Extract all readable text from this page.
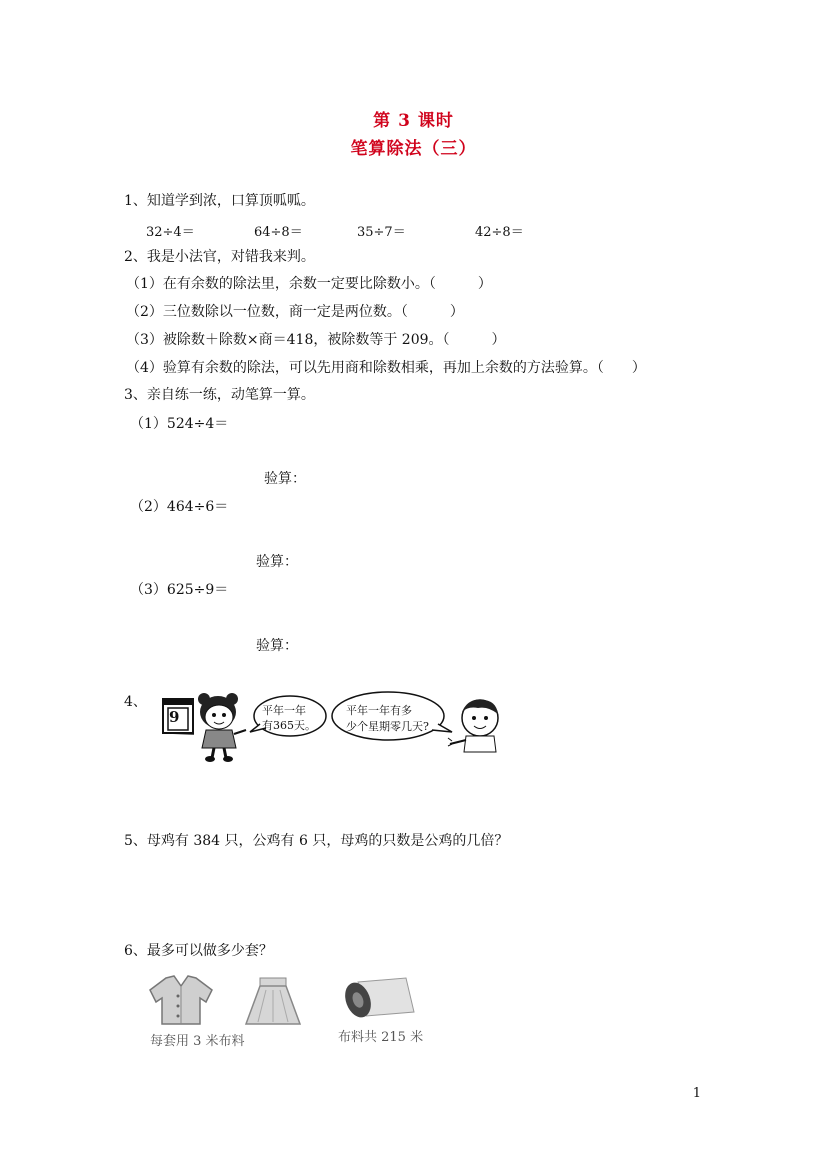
第 3 课时
笔算除法（三）
1、知道学到浓，口算顶呱呱。
32÷4＝	64÷8＝	35÷7＝	42÷8＝
2、我是小法官，对错我来判。
（1）在有余数的除法里，余数一定要比除数小。（　　　）
（2）三位数除以一位数，商一定是两位数。（　　　）
（3）被除数＋除数×商＝418，被除数等于 209。（　　　）
（4）验算有余数的除法，可以先用商和除数相乘，再加上余数的方法验算。（　　）
3、亲自练一练，动笔算一算。
（1）524÷4＝
验算：
（2）464÷6＝
验算：
（3）625÷9＝
验算：
4、
9	平年一年
有365天。
平年一年有多
少个星期零几天?
5、母鸡有 384 只，公鸡有 6 只，母鸡的只数是公鸡的几倍？
6、最多可以做多少套？
每套用 3 米布料	布料共 215 米
1
